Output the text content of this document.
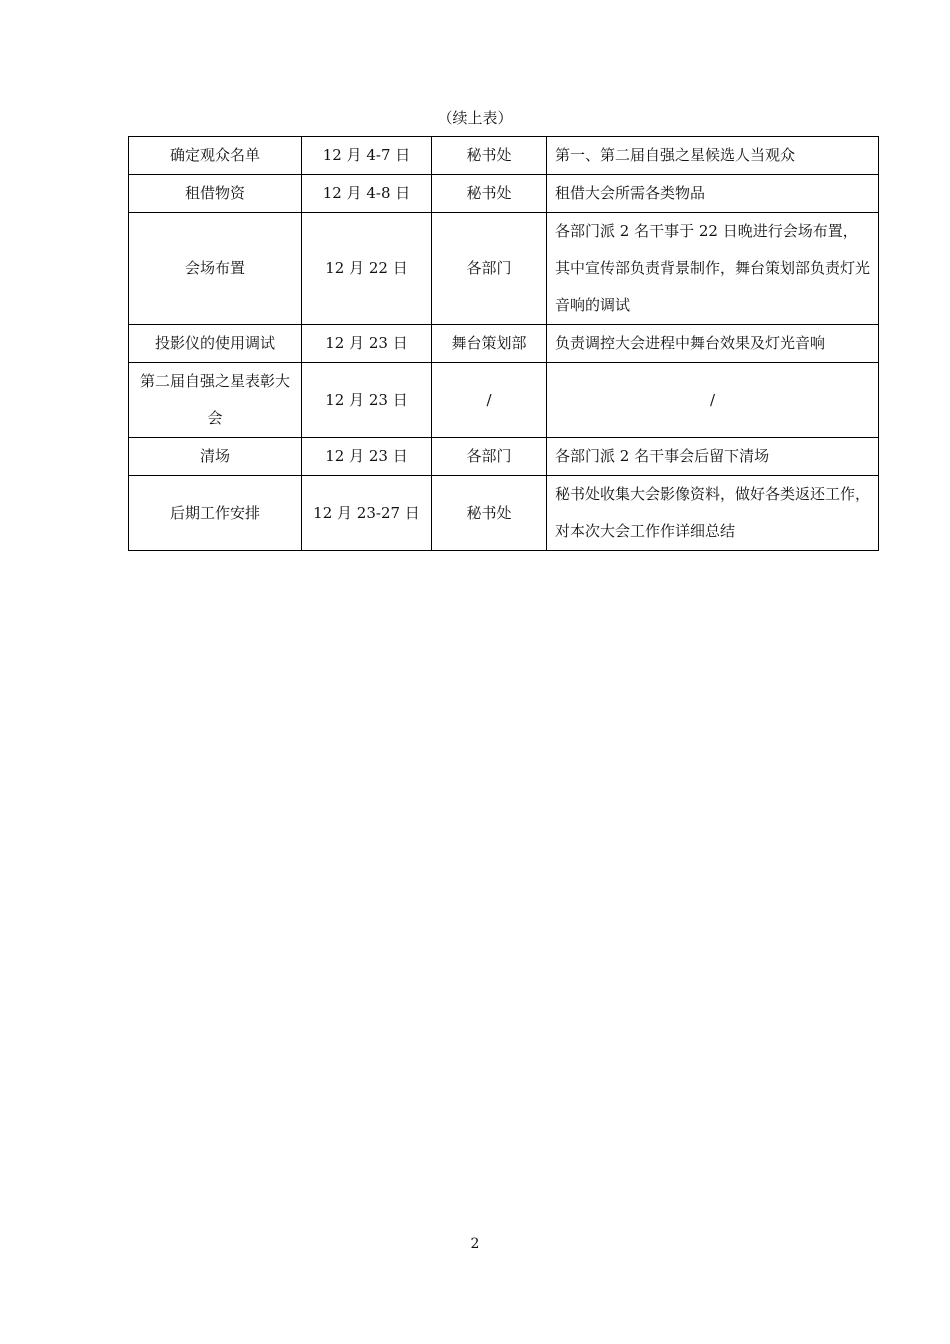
（续上表）
确定观众名单	12 月 4-7 日	秘书处	第一、第二届自强之星候选人当观众
租借物资	12 月 4-8 日	秘书处	租借大会所需各类物品
会场布置	12 月 22 日	各部门	各部门派 2 名干事于 22 日晚进行会场布置，其中宣传部负责背景制作，舞台策划部负责灯光音响的调试
投影仪的使用调试	12 月 23 日	舞台策划部	负责调控大会进程中舞台效果及灯光音响
第二届自强之星表彰大会	12 月 23 日	/	/
清场	12 月 23 日	各部门	各部门派 2 名干事会后留下清场
后期工作安排	12 月 23-27 日	秘书处	秘书处收集大会影像资料，做好各类返还工作，对本次大会工作作详细总结
2
